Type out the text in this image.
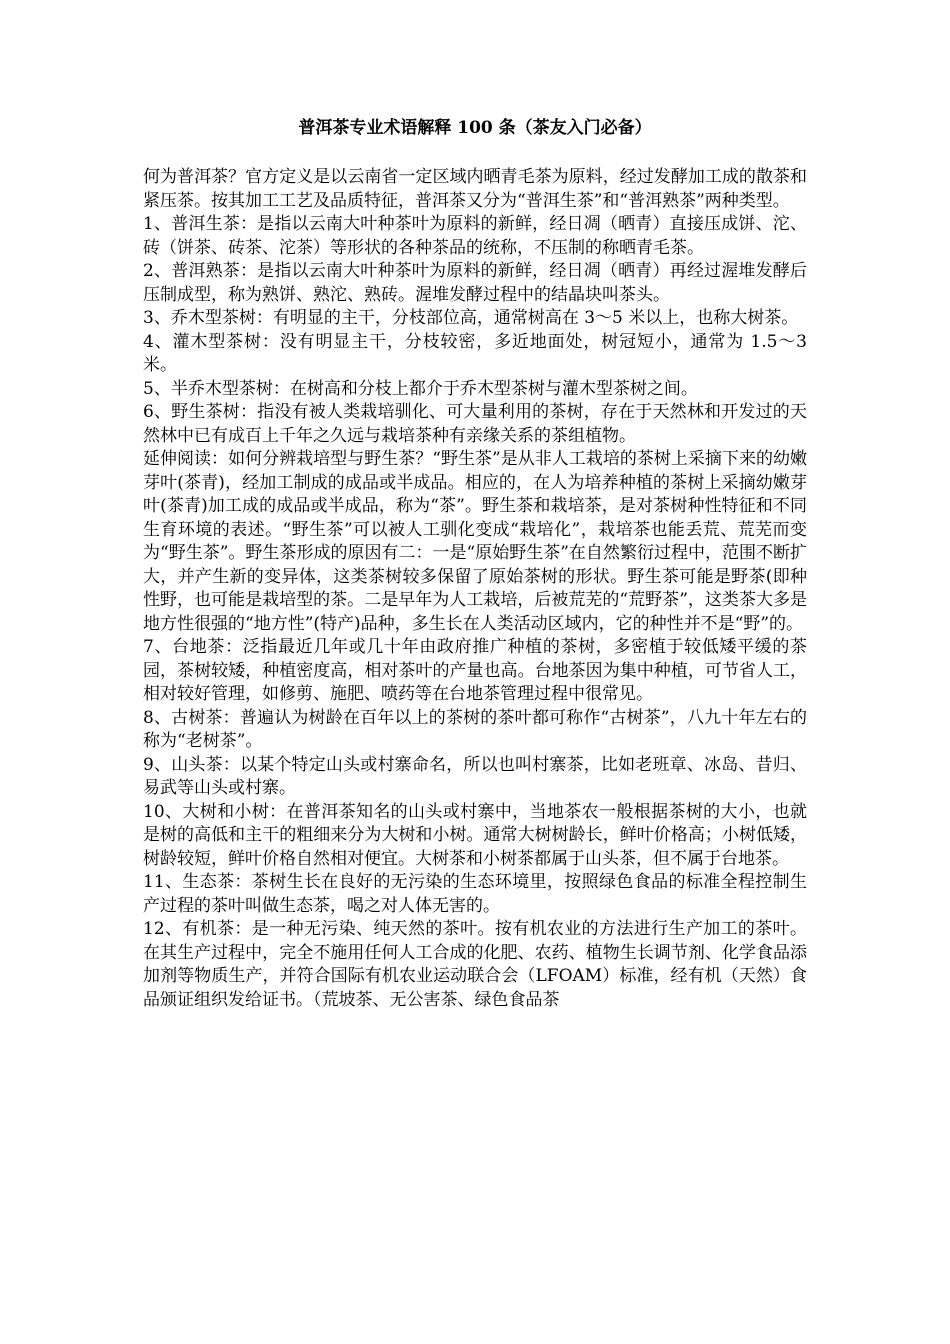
普洱茶专业术语解释 100 条（茶友入门必备）

何为普洱茶？官方定义是以云南省一定区域内晒青毛茶为原料，经过发酵加工成的散茶和紧压茶。按其加工工艺及品质特征，普洱茶又分为“普洱生茶”和“普洱熟茶”两种类型。

1、普洱生茶：是指以云南大叶种茶叶为原料的新鲜，经日凋（晒青）直接压成饼、沱、砖（饼茶、砖茶、沱茶）等形状的各种茶品的统称，不压制的称晒青毛茶。

2、普洱熟茶：是指以云南大叶种茶叶为原料的新鲜，经日凋（晒青）再经过渥堆发酵后压制成型，称为熟饼、熟沱、熟砖。渥堆发酵过程中的结晶块叫茶头。

3、乔木型茶树：有明显的主干，分枝部位高，通常树高在 3～5 米以上，也称大树茶。

4、灌木型茶树：没有明显主干，分枝较密，多近地面处，树冠短小，通常为 1.5～3 米。

5、半乔木型茶树：在树高和分枝上都介于乔木型茶树与灌木型茶树之间。

6、野生茶树：指没有被人类栽培驯化、可大量利用的茶树，存在于天然林和开发过的天然林中已有成百上千年之久远与栽培茶种有亲缘关系的茶组植物。

延伸阅读：如何分辨栽培型与野生茶？“野生茶”是从非人工栽培的茶树上采摘下来的幼嫩芽叶(茶青)，经加工制成的成品或半成品。相应的，在人为培养种植的茶树上采摘幼嫩芽叶(茶青)加工成的成品或半成品，称为“茶”。野生茶和栽培茶，是对茶树种性特征和不同生育环境的表述。“野生茶”可以被人工驯化变成“栽培化”，栽培茶也能丢荒、荒芜而变为“野生茶”。野生茶形成的原因有二：一是“原始野生茶”在自然繁衍过程中，范围不断扩大，并产生新的变异体，这类茶树较多保留了原始茶树的形状。野生茶可能是野茶(即种性野，也可能是栽培型的茶。二是早年为人工栽培，后被荒芜的“荒野茶”，这类茶大多是地方性很强的“地方性”(特产)品种，多生长在人类活动区域内，它的种性并不是“野”的。

7、台地茶：泛指最近几年或几十年由政府推广种植的茶树，多密植于较低矮平缓的茶园，茶树较矮，种植密度高，相对茶叶的产量也高。台地茶因为集中种植，可节省人工，相对较好管理，如修剪、施肥、喷药等在台地茶管理过程中很常见。

8、古树茶：普遍认为树龄在百年以上的茶树的茶叶都可称作“古树茶”，八九十年左右的称为“老树茶”。

9、山头茶：以某个特定山头或村寨命名，所以也叫村寨茶，比如老班章、冰岛、昔归、易武等山头或村寨。

10、大树和小树：在普洱茶知名的山头或村寨中，当地茶农一般根据茶树的大小，也就是树的高低和主干的粗细来分为大树和小树。通常大树树龄长，鲜叶价格高；小树低矮，树龄较短，鲜叶价格自然相对便宜。大树茶和小树茶都属于山头茶，但不属于台地茶。

11、生态茶：茶树生长在良好的无污染的生态环境里，按照绿色食品的标准全程控制生产过程的茶叶叫做生态茶，喝之对人体无害的。

12、有机茶：是一种无污染、纯天然的茶叶。按有机农业的方法进行生产加工的茶叶。在其生产过程中，完全不施用任何人工合成的化肥、农药、植物生长调节剂、化学食品添加剂等物质生产，并符合国际有机农业运动联合会（LFOAM）标准，经有机（天然）食品颁证组织发给证书。（荒坡茶、无公害茶、绿色食品茶
